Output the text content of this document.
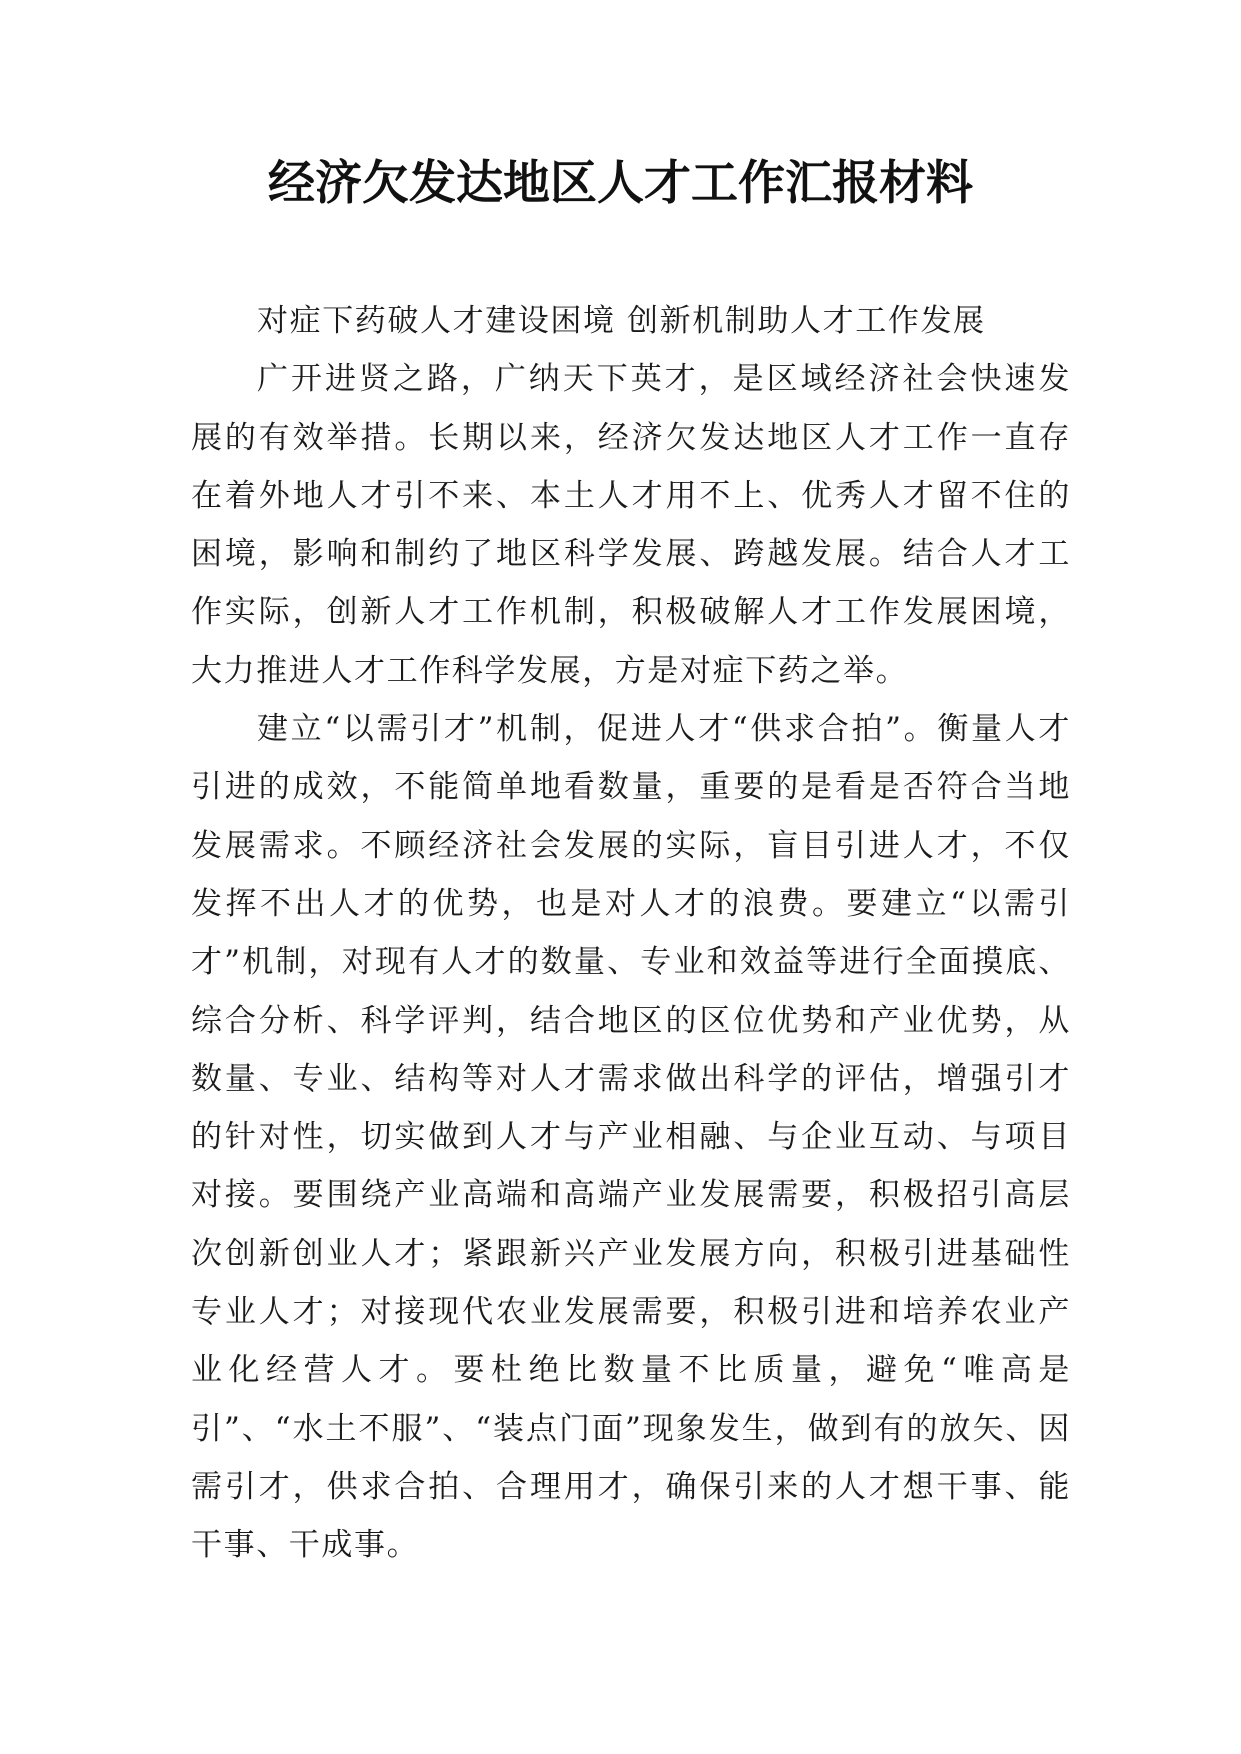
经济欠发达地区人才工作汇报材料

对症下药破人才建设困境 创新机制助人才工作发展

广开进贤之路，广纳天下英才，是区域经济社会快速发展的有效举措。长期以来，经济欠发达地区人才工作一直存在着外地人才引不来、本土人才用不上、优秀人才留不住的困境，影响和制约了地区科学发展、跨越发展。结合人才工作实际，创新人才工作机制，积极破解人才工作发展困境，大力推进人才工作科学发展，方是对症下药之举。

建立“以需引才”机制，促进人才“供求合拍”。衡量人才引进的成效，不能简单地看数量，重要的是看是否符合当地发展需求。不顾经济社会发展的实际，盲目引进人才，不仅发挥不出人才的优势，也是对人才的浪费。要建立“以需引才”机制，对现有人才的数量、专业和效益等进行全面摸底、综合分析、科学评判，结合地区的区位优势和产业优势，从数量、专业、结构等对人才需求做出科学的评估，增强引才的针对性，切实做到人才与产业相融、与企业互动、与项目对接。要围绕产业高端和高端产业发展需要，积极招引高层次创新创业人才；紧跟新兴产业发展方向，积极引进基础性专业人才；对接现代农业发展需要，积极引进和培养农业产业化经营人才。要杜绝比数量不比质量，避免“唯高是引”、“水土不服”、“装点门面”现象发生，做到有的放矢、因需引才，供求合拍、合理用才，确保引来的人才想干事、能干事、干成事。
